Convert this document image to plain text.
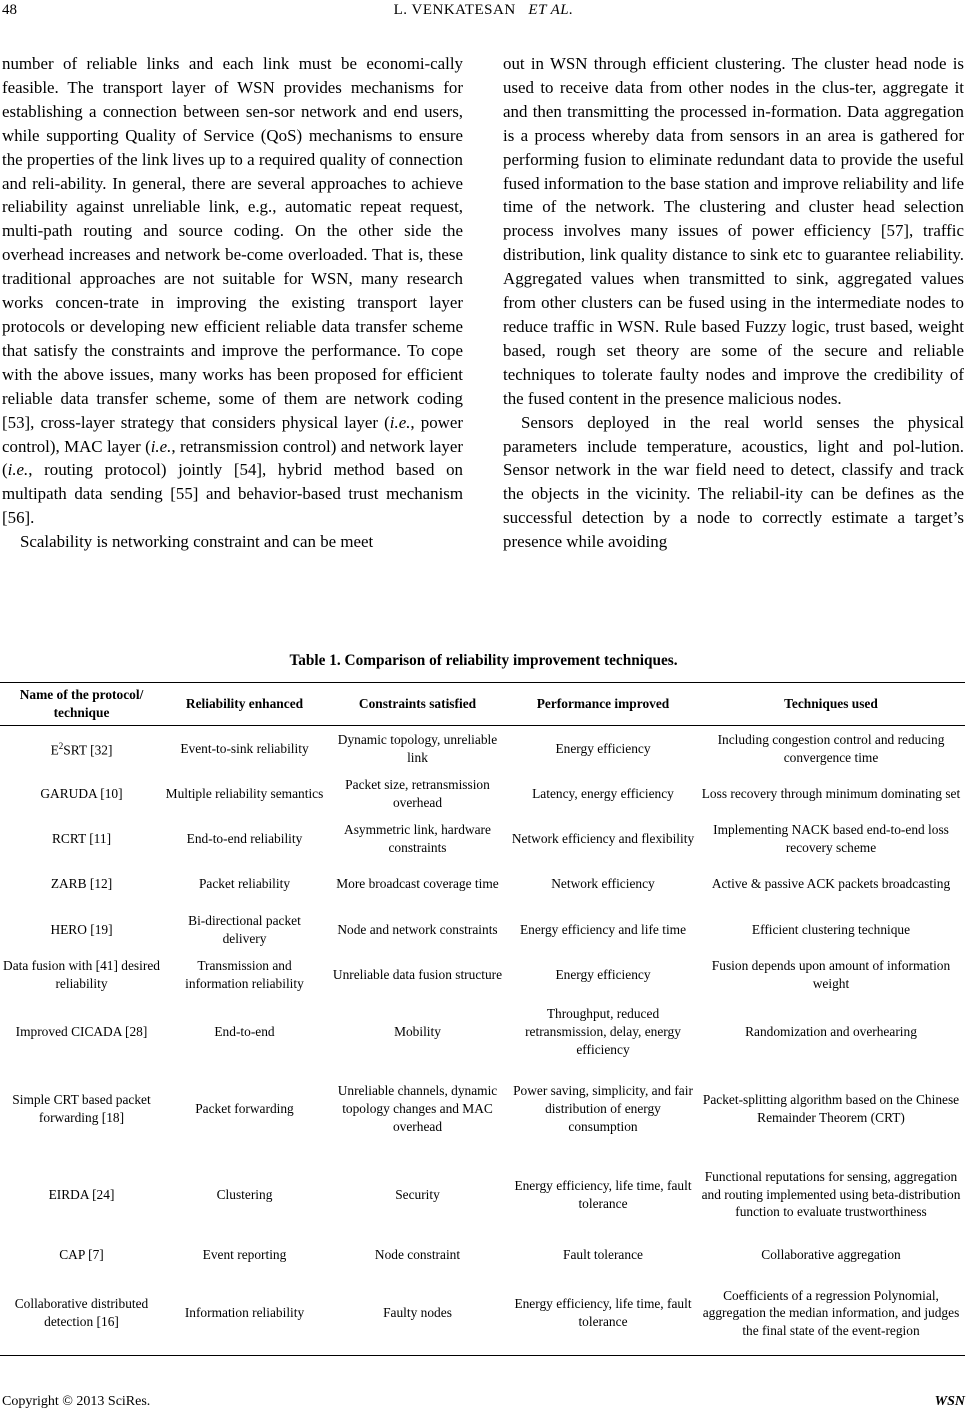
48	L. VENKATESAN ET AL.

number of reliable links and each link must be economi-cally feasible. The transport layer of WSN provides mechanisms for establishing a connection between sen-sor network and end users, while supporting Quality of Service (QoS) mechanisms to ensure the properties of the link lives up to a required quality of connection and reli-ability. In general, there are several approaches to achieve reliability against unreliable link, e.g., automatic repeat request, multi-path routing and source coding. On the other side the overhead increases and network be-come overloaded. That is, these traditional approaches are not suitable for WSN, many research works concen-trate in improving the existing transport layer protocols or developing new efficient reliable data transfer scheme that satisfy the constraints and improve the performance. To cope with the above issues, many works has been proposed for efficient reliable data transfer scheme, some of them are network coding [53], cross-layer strategy that considers physical layer (i.e., power control), MAC layer (i.e., retransmission control) and network layer (i.e., routing protocol) jointly [54], hybrid method based on multipath data sending [55] and behavior-based trust mechanism [56].

Scalability is networking constraint and can be meet

out in WSN through efficient clustering. The cluster head node is used to receive data from other nodes in the clus-ter, aggregate it and then transmitting the processed in-formation. Data aggregation is a process whereby data from sensors in an area is gathered for performing fusion to eliminate redundant data to provide the useful fused information to the base station and improve reliability and life time of the network. The clustering and cluster head selection process involves many issues of power efficiency [57], traffic distribution, link quality distance to sink etc to guarantee reliability. Aggregated values when transmitted to sink, aggregated values from other clusters can be fused using in the intermediate nodes to reduce traffic in WSN. Rule based Fuzzy logic, trust based, weight based, rough set theory are some of the secure and reliable techniques to tolerate faulty nodes and improve the credibility of the fused content in the presence malicious nodes.

Sensors deployed in the real world senses the physical parameters include temperature, acoustics, light and pol-lution. Sensor network in the war field need to detect, classify and track the objects in the vicinity. The reliabil-ity can be defines as the successful detection by a node to correctly estimate a target’s presence while avoiding

Table 1. Comparison of reliability improvement techniques.
Name of the protocol/ technique	Reliability enhanced	Constraints satisfied	Performance improved	Techniques used
$E^2SRT$ [32]	Event-to-sink reliability	Dynamic topology, unreliable link	Energy efficiency	Including congestion control and reducing convergence time
GARUDA [10]	Multiple reliability semantics	Packet size, retransmission overhead	Latency, energy efficiency	Loss recovery through minimum dominating set
RCRT [11]	End-to-end reliability	Asymmetric link, hardware constraints	Network efficiency and flexibility	Implementing NACK based end-to-end loss recovery scheme
ZARB [12]	Packet reliability	More broadcast coverage time	Network efficiency	Active & passive ACK packets broadcasting
HERO [19]	Bi-directional packet delivery	Node and network constraints	Energy efficiency and life time	Efficient clustering technique
Data fusion with [41] desired reliability	Transmission and information reliability	Unreliable data fusion structure	Energy efficiency	Fusion depends upon amount of information weight
Improved CICADA [28]	End-to-end	Mobility	Throughput, reduced retransmission, delay, energy efficiency	Randomization and overhearing
Simple CRT based packet forwarding [18]	Packet forwarding	Unreliable channels, dynamic topology changes and MAC overhead	Power saving, simplicity, and fair distribution of energy consumption	Packet-splitting algorithm based on the Chinese Remainder Theorem (CRT)
EIRDA [24]	Clustering	Security	Energy efficiency, life time, fault tolerance	Functional reputations for sensing, aggregation and routing implemented using beta-distribution function to evaluate trustworthiness
CAP [7]	Event reporting	Node constraint	Fault tolerance	Collaborative aggregation
Collaborative distributed detection [16]	Information reliability	Faulty nodes	Energy efficiency, life time, fault tolerance	Coefficients of a regression Polynomial, aggregation the median information, and judges the final state of the event-region
Copyright © 2013 SciRes.	WSN
